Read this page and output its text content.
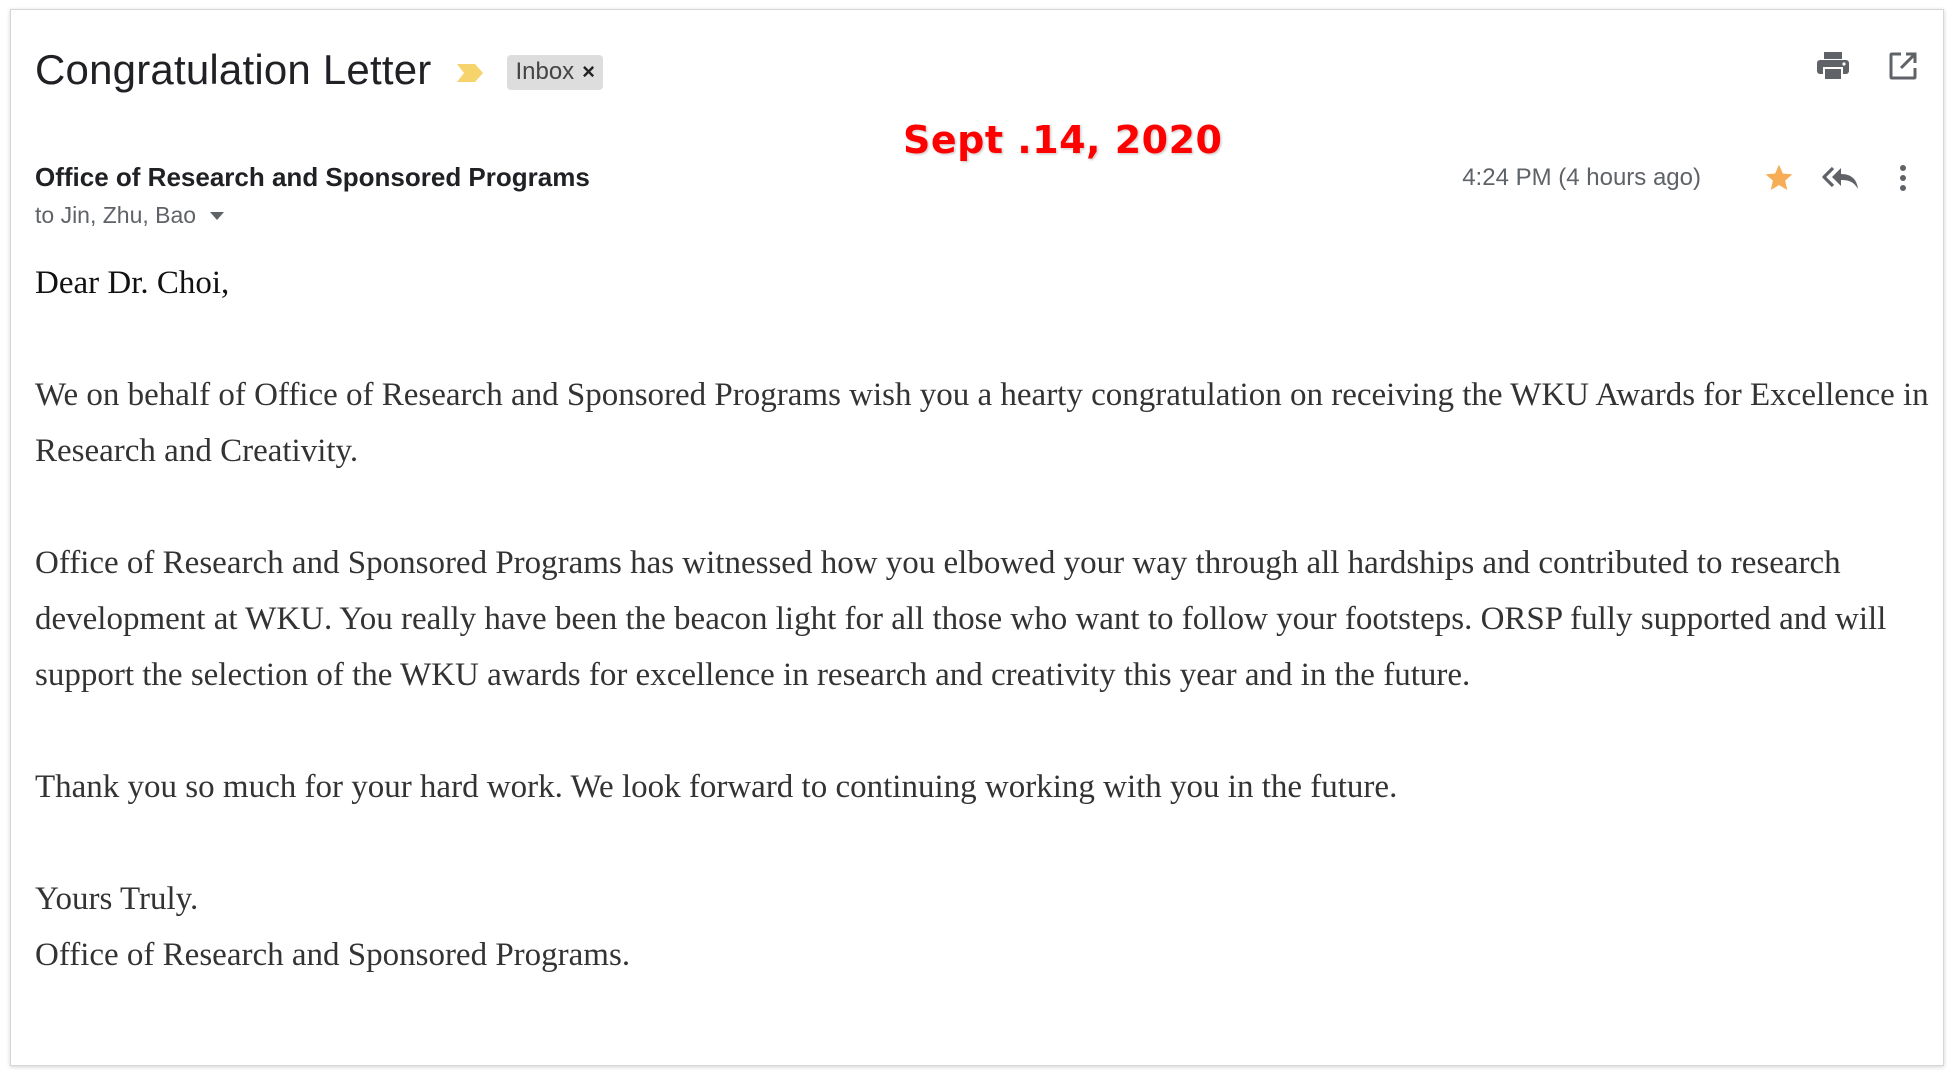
Congratulation Letter	Inbox ×
Sept .14, 2020
Office of Research and Sponsored Programs
to Jin, Zhu, Bao
4:24 PM (4 hours ago)

Dear Dr. Choi,

We on behalf of Office of Research and Sponsored Programs wish you a hearty congratulation on receiving the WKU Awards for Excellence in Research and Creativity.

Office of Research and Sponsored Programs has witnessed how you elbowed your way through all hardships and contributed to research development at WKU. You really have been the beacon light for all those who want to follow your footsteps. ORSP fully supported and will support the selection of the WKU awards for excellence in research and creativity this year and in the future.

Thank you so much for your hard work. We look forward to continuing working with you in the future.

Yours Truly.

Office of Research and Sponsored Programs.
